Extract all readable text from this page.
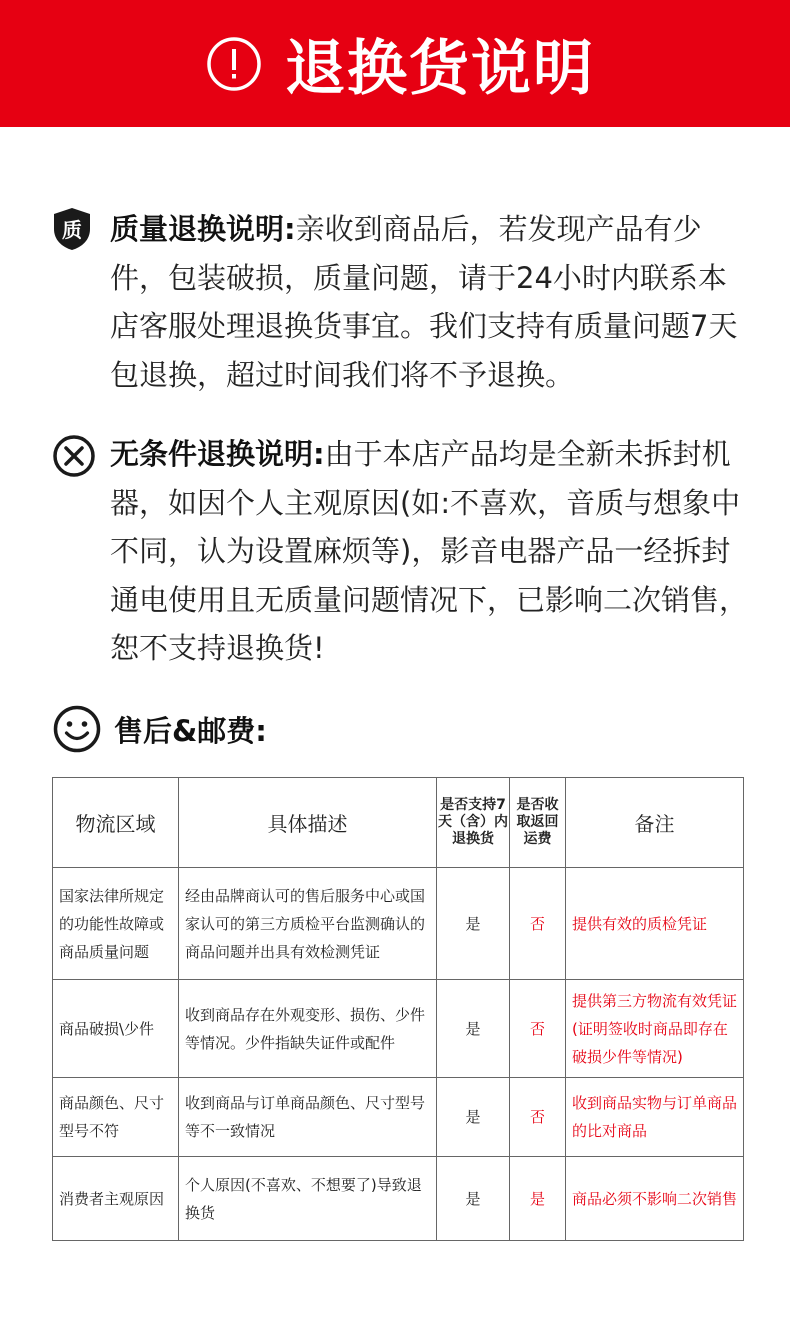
退换货说明
质 质量退换说明:亲收到商品后，若发现产品有少件，包装破损，质量问题，请于24小时内联系本店客服处理退换货事宜。我们支持有质量问题7天包退换，超过时间我们将不予退换。
无条件退换说明:由于本店产品均是全新未拆封机器，如因个人主观原因(如:不喜欢，音质与想象中不同，认为设置麻烦等)，影音电器产品一经拆封通电使用且无质量问题情况下，已影响二次销售，恕不支持退换货!
售后&邮费:
物流区域	具体描述	是否支持7天（含）内退换货	是否收取返回运费	备注
国家法律所规定的功能性故障或商品质量问题	经由品牌商认可的售后服务中心或国家认可的第三方质检平台监测确认的商品问题并出具有效检测凭证	是	否	提供有效的质检凭证
商品破损\少件	收到商品存在外观变形、损伤、少件等情况。少件指缺失证件或配件	是	否	提供第三方物流有效凭证(证明签收时商品即存在破损少件等情况)
商品颜色、尺寸型号不符	收到商品与订单商品颜色、尺寸型号等不一致情况	是	否	收到商品实物与订单商品的比对商品
消费者主观原因	个人原因(不喜欢、不想要了)导致退换货	是	是	商品必须不影响二次销售
